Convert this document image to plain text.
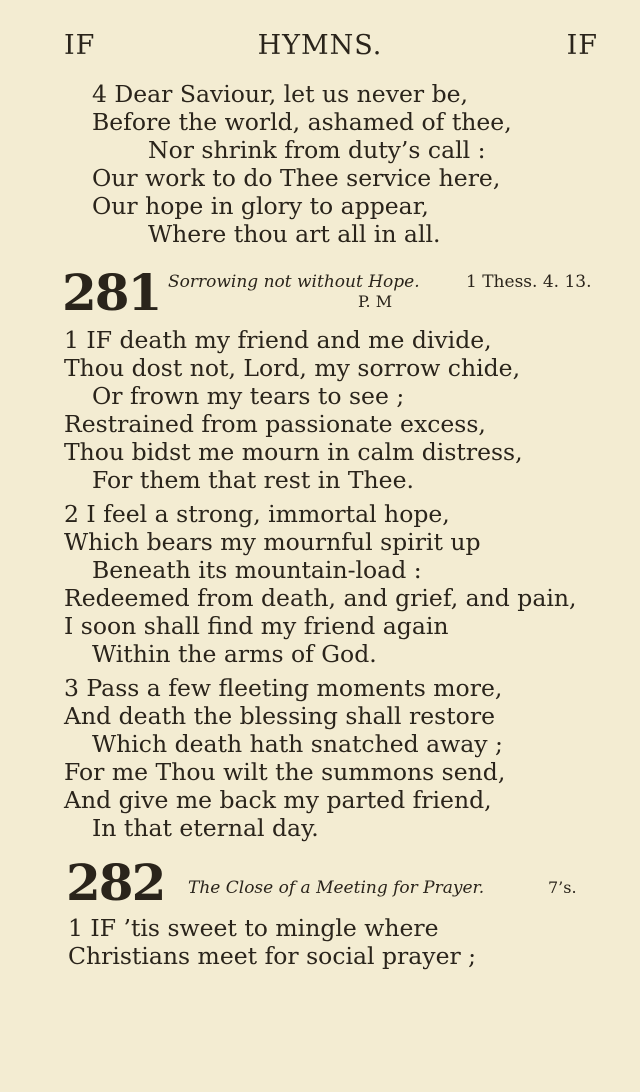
IF	HYMNS.	IF
4 Dear Saviour, let us never be,
Before the world, ashamed of thee,
Nor shrink from duty’s call :
Our work to do Thee service here,
Our hope in glory to appear,
Where thou art all in all.
281 Sorrowing not without Hope.	1 Thess. 4. 13.
P. M
1 IF death my friend and me divide,
Thou dost not, Lord, my sorrow chide,
Or frown my tears to see ;
Restrained from passionate excess,
Thou bidst me mourn in calm distress,
For them that rest in Thee.
2 I feel a strong, immortal hope,
Which bears my mournful spirit up
Beneath its mountain-load :
Redeemed from death, and grief, and pain,
I soon shall find my friend again
Within the arms of God.
3 Pass a few fleeting moments more,
And death the blessing shall restore
Which death hath snatched away ;
For me Thou wilt the summons send,
And give me back my parted friend,
In that eternal day.
282 The Close of a Meeting for Prayer.	7’s.
1 IF ’tis sweet to mingle where
Christians meet for social prayer ;
